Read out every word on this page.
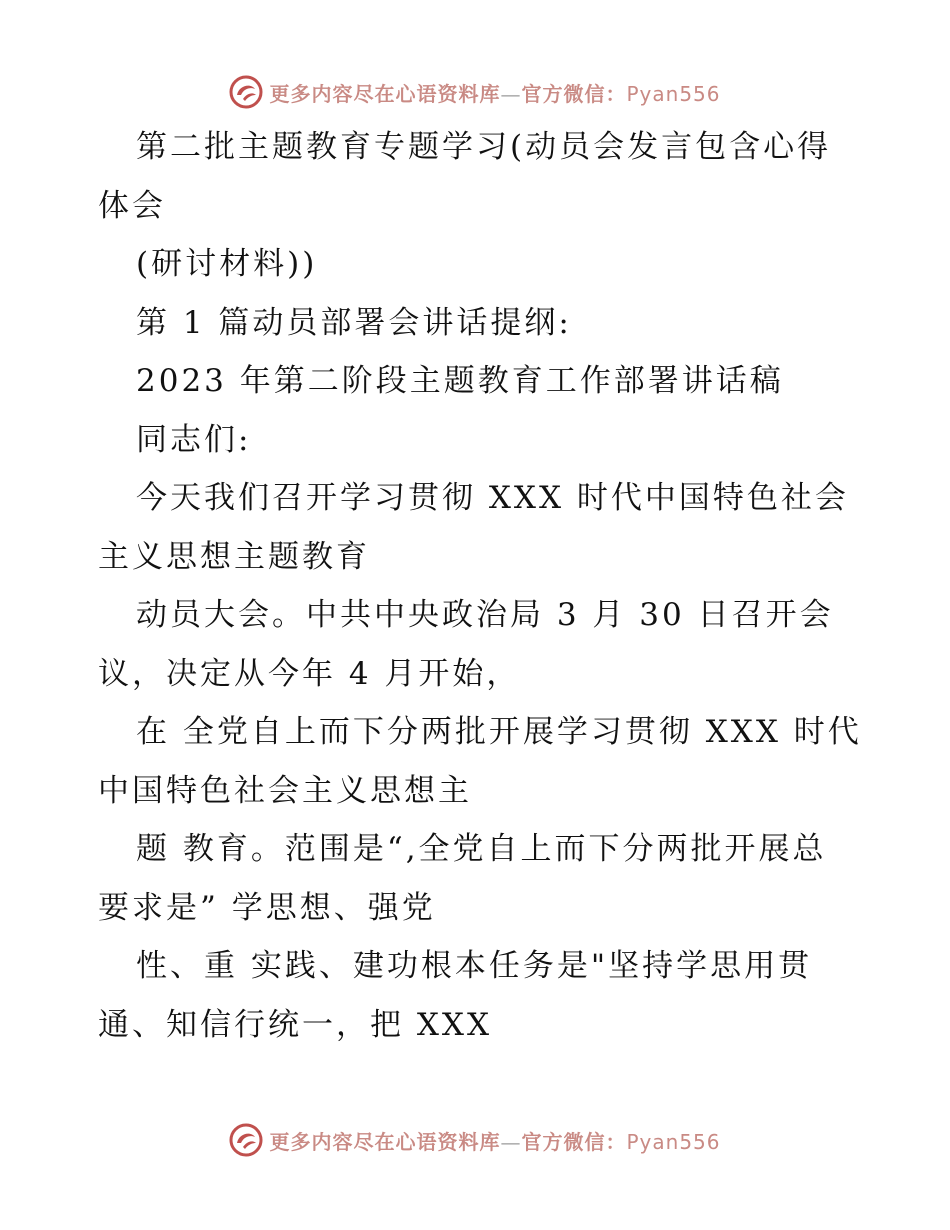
更多内容尽在心语资料库—官方微信：Pyan556
第二批主题教育专题学习(动员会发言包含心得
体会
(研讨材料))
第 1 篇动员部署会讲话提纲:
2023 年第二阶段主题教育工作部署讲话稿
同志们:
今天我们召开学习贯彻 XXX 时代中国特色社会
主义思想主题教育
动员大会。中共中央政治局 3 月 30 日召开会
议，决定从今年 4 月开始，
在 全党自上而下分两批开展学习贯彻 XXX 时代
中国特色社会主义思想主
题 教育。范围是“,全党自上而下分两批开展总
要求是” 学思想、强党
性、重 实践、建功根本任务是"坚持学思用贯
通、知信行统一，把 XXX
更多内容尽在心语资料库—官方微信：Pyan556
